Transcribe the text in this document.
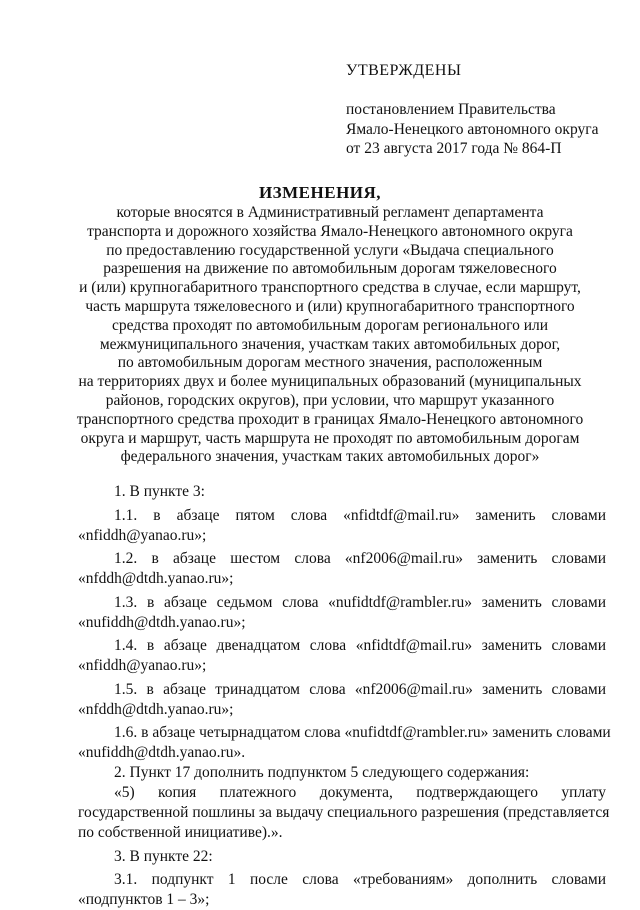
УТВЕРЖДЕНЫ
постановлением Правительства
Ямало-Ненецкого автономного округа
от 23 августа 2017 года № 864-П
ИЗМЕНЕНИЯ,
которые вносятся в Административный регламент департамента
транспорта и дорожного хозяйства Ямало-Ненецкого автономного округа
по предоставлению государственной услуги «Выдача специального
разрешения на движение по автомобильным дорогам тяжеловесного
и (или) крупногабаритного транспортного средства в случае, если маршрут,
часть маршрута тяжеловесного и (или) крупногабаритного транспортного
средства проходят по автомобильным дорогам регионального или
межмуниципального значения, участкам таких автомобильных дорог,
по автомобильным дорогам местного значения, расположенным
на территориях двух и более муниципальных образований (муниципальных
районов, городских округов), при условии, что маршрут указанного
транспортного средства проходит в границах Ямало-Ненецкого автономного
округа и маршрут, часть маршрута не проходят по автомобильным дорогам
федерального значения, участкам таких автомобильных дорог»
1. В пункте 3:
1.1. в абзаце пятом слова «nfidtdf@mail.ru» заменить словами
«nfiddh@yanao.ru»;
1.2. в абзаце шестом слова «nf2006@mail.ru» заменить словами
«nfddh@dtdh.yanao.ru»;
1.3. в абзаце седьмом слова «nufidtdf@rambler.ru» заменить словами
«nufiddh@dtdh.yanao.ru»;
1.4. в абзаце двенадцатом слова «nfidtdf@mail.ru» заменить словами
«nfiddh@yanao.ru»;
1.5. в абзаце тринадцатом слова «nf2006@mail.ru» заменить словами
«nfddh@dtdh.yanao.ru»;
1.6. в абзаце четырнадцатом слова «nufidtdf@rambler.ru» заменить словами
«nufiddh@dtdh.yanao.ru».
2. Пункт 17 дополнить подпунктом 5 следующего содержания:
«5) копия платежного документа, подтверждающего уплату
государственной пошлины за выдачу специального разрешения (представляется
по собственной инициативе).».
3. В пункте 22:
3.1. подпункт 1 после слова «требованиям» дополнить словами
«подпунктов 1 – 3»;
